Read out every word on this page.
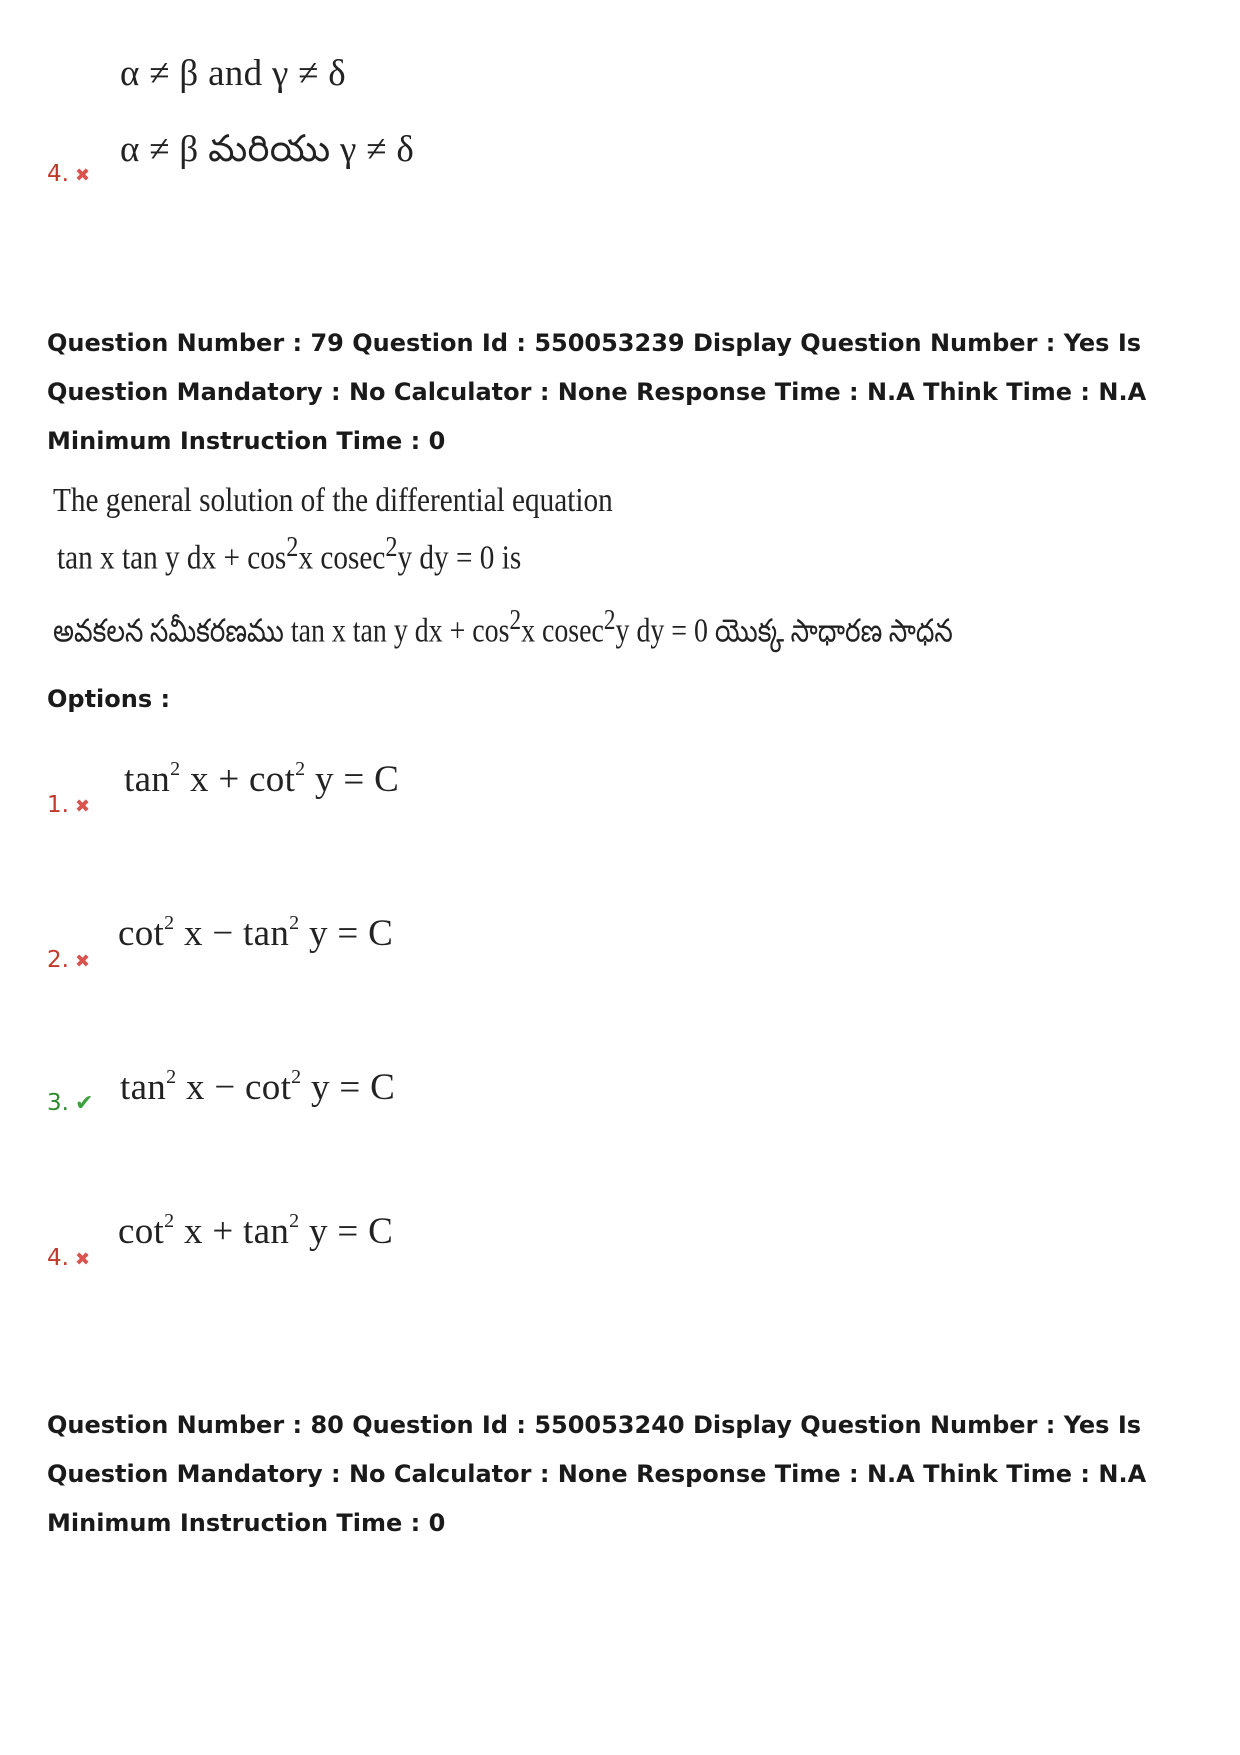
α ≠ β and γ ≠ δ
α ≠ β మరియు γ ≠ δ
4. ✖
Question Number : 79 Question Id : 550053239 Display Question Number : Yes Is Question Mandatory : No Calculator : None Response Time : N.A Think Time : N.A Minimum Instruction Time : 0
The general solution of the differential equation
tan x tan y dx + $\cos^2x$ cosec$^2$y dy = 0 is
అవకలన సమీకరణము tan x tan y dx + $\cos^2x$ cosec$^2$y dy = 0 యొక్క సాధారణ సాధన
Options :
$\tan^2 x + \cot^2 y = C$
1. ✖
$\cot^2 x - \tan^2 y = C$
2. ✖
$\tan^2 x - \cot^2 y = C$
3. ✔
$\cot^2 x + \tan^2 y = C$
4. ✖
Question Number : 80 Question Id : 550053240 Display Question Number : Yes Is Question Mandatory : No Calculator : None Response Time : N.A Think Time : N.A Minimum Instruction Time : 0
